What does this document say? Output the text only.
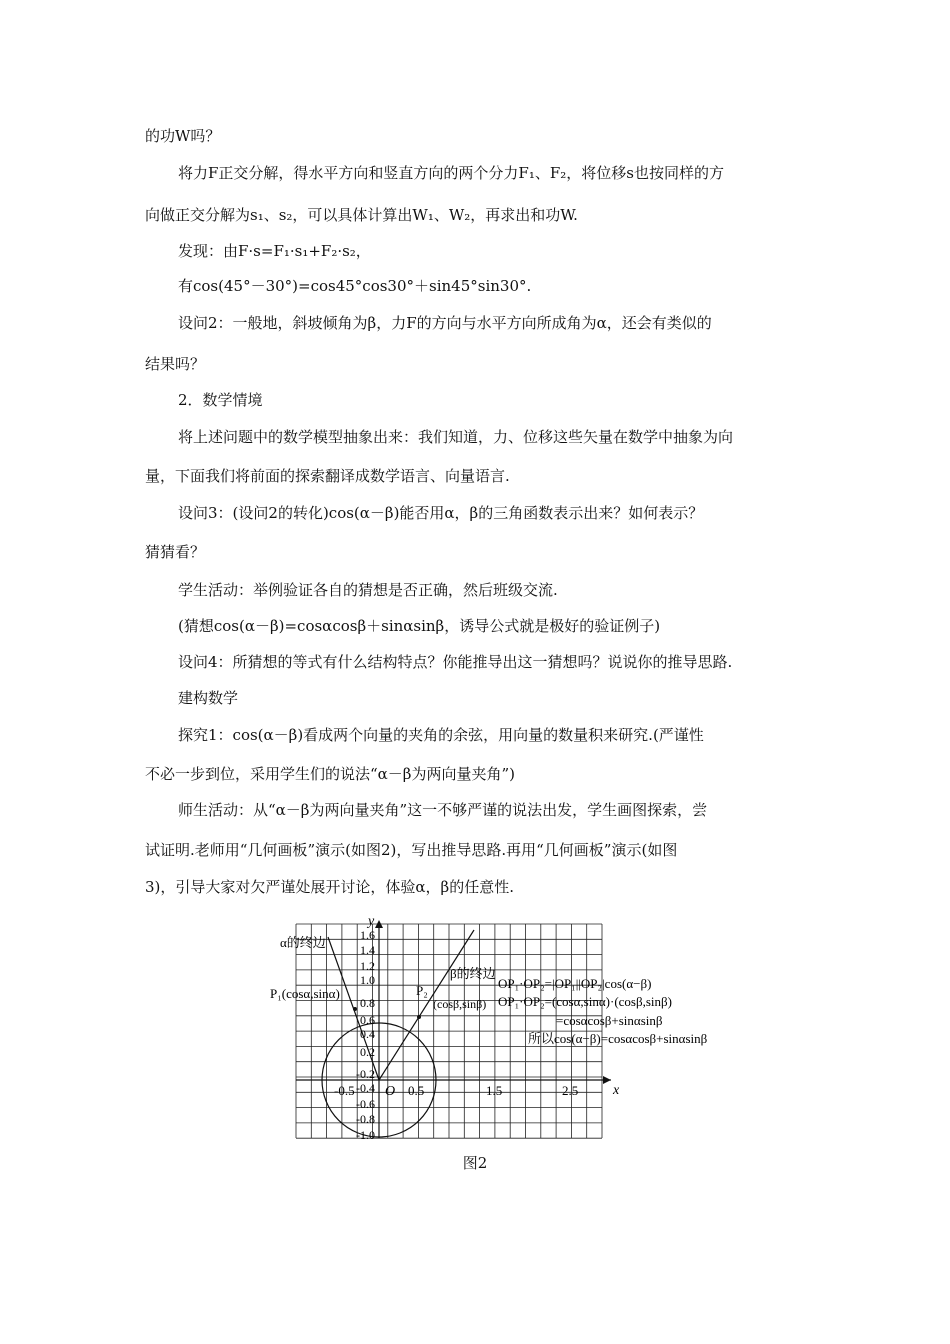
的功W吗？
将力F正交分解，得水平方向和竖直方向的两个分力F₁、F₂，将位移s也按同样的方
向做正交分解为s₁、s₂，可以具体计算出W₁、W₂，再求出和功W.
发现：由F·s=F₁·s₁+F₂·s₂，
有cos(45°－30°)=cos45°cos30°＋sin45°sin30°.
设问2：一般地，斜坡倾角为β，力F的方向与水平方向所成角为α，还会有类似的
结果吗？
2．数学情境
将上述问题中的数学模型抽象出来：我们知道，力、位移这些矢量在数学中抽象为向
量，下面我们将前面的探索翻译成数学语言、向量语言.
设问3：(设问2的转化)cos(α－β)能否用α，β的三角函数表示出来？如何表示？
猜猜看？
学生活动：举例验证各自的猜想是否正确，然后班级交流.
(猜想cos(α－β)=cosαcosβ＋sinαsinβ，诱导公式就是极好的验证例子)
设问4：所猜想的等式有什么结构特点？你能推导出这一猜想吗？说说你的推导思路.
建构数学
探究1：cos(α－β)看成两个向量的夹角的余弦，用向量的数量积来研究.(严谨性
不必一步到位，采用学生们的说法“α－β为两向量夹角”)
师生活动：从“α－β为两向量夹角”这一不够严谨的说法出发，学生画图探索，尝
试证明.老师用“几何画板”演示(如图2)，写出推导思路.再用“几何画板”演示(如图
3)，引导大家对欠严谨处展开讨论，体验α，β的任意性.
x
y
O
-0.5	0.5	1.5	2.5
1.6
1.4
1.2
1.0
0.8
0.6
0.4
0.2
-0.2
-0.4
-0.6
-0.8
-1.0
α的终边
β的终边
P₁(cosα,sinα)	P₂
(cosβ,sinβ)
OP₁·OP₂=|OP₁||OP₂|cos(α−β)
OP₁·OP₂=(cosα,sinα)·(cosβ,sinβ)
=cosαcosβ+sinαsinβ
所以cos(α−β)=cosαcosβ+sinαsinβ
图2
